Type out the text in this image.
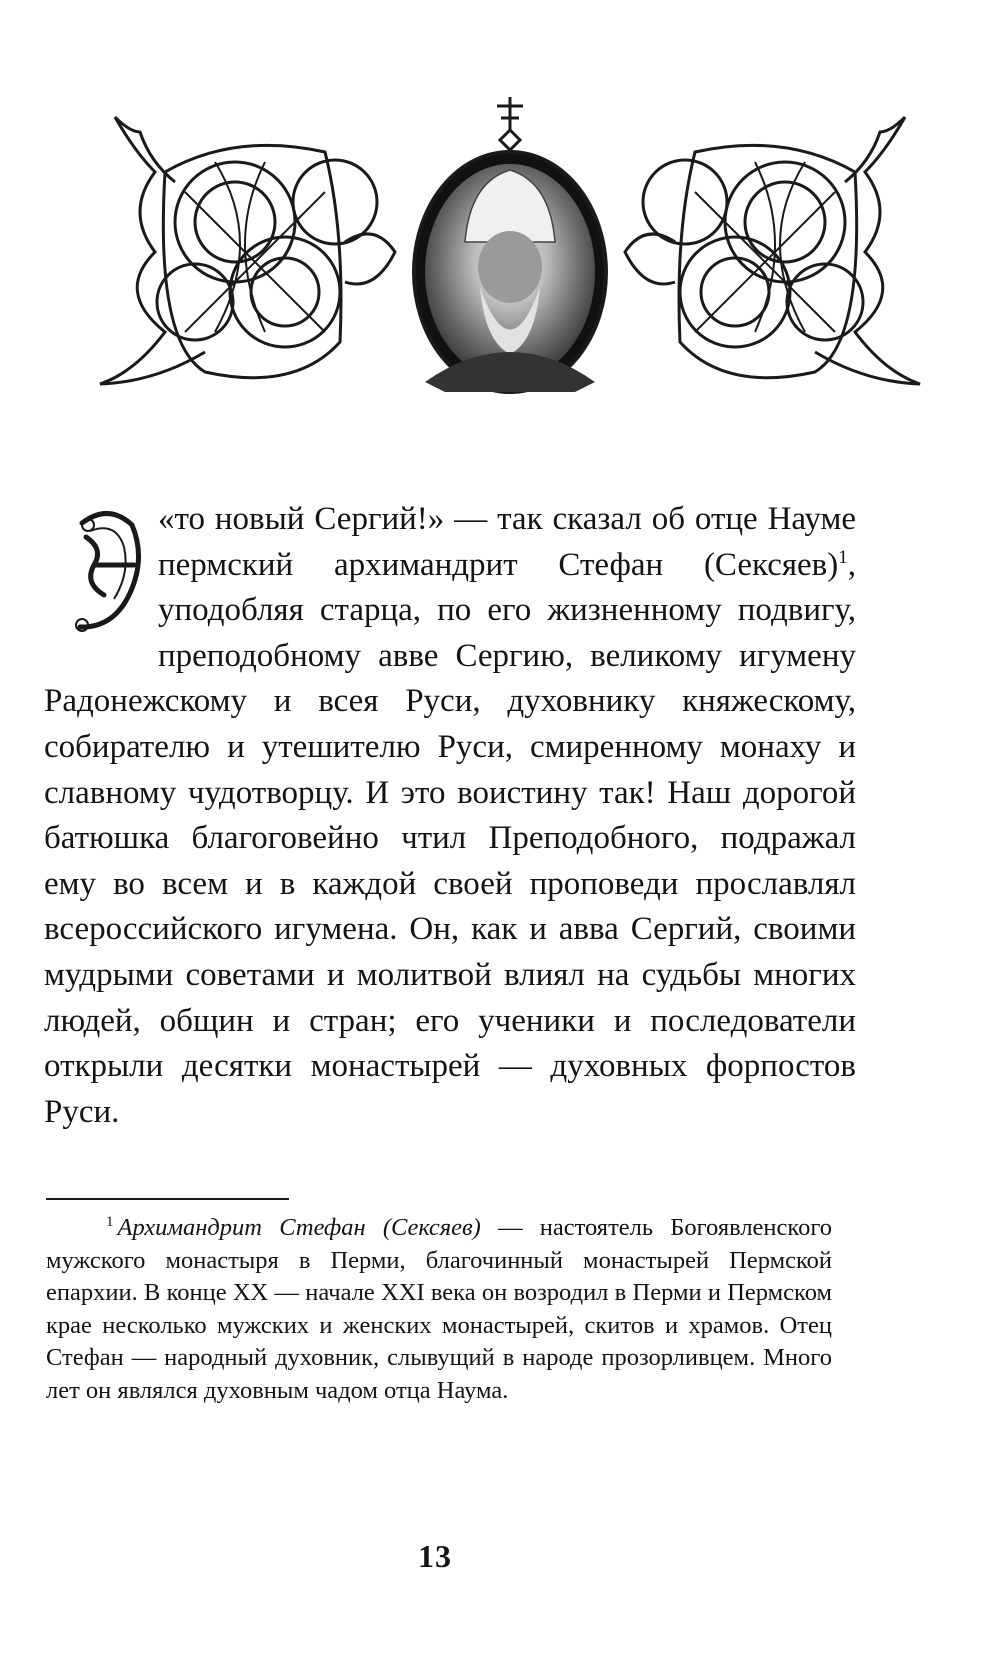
«то новый Сергий!» — так сказал об отце Науме пермский архимандрит Стефан (Сексяев)$^1$, уподобляя старца, по его жизненному подвигу, преподобному авве Сергию, великому игумену Радонежскому и всея Руси, духовнику княжескому, собирателю и утешителю Руси, смиренному монаху и славному чудотворцу. И это воистину так! Наш дорогой батюшка благоговейно чтил Преподобного, подражал ему во всем и в каждой своей проповеди прославлял всероссийского игумена. Он, как и авва Сергий, своими мудрыми советами и молитвой влиял на судьбы многих людей, общин и стран; его ученики и последователи открыли десятки монастырей — духовных форпостов Руси.

$^1$ Архимандрит Стефан (Сексяев) — настоятель Богоявленского мужского монастыря в Перми, благочинный монастырей Пермской епархии. В конце XX — начале XXI века он возродил в Перми и Пермском крае несколько мужских и женских монастырей, скитов и храмов. Отец Стефан — народный духовник, слывущий в народе прозорливцем. Много лет он являлся духовным чадом отца Наума.

13
